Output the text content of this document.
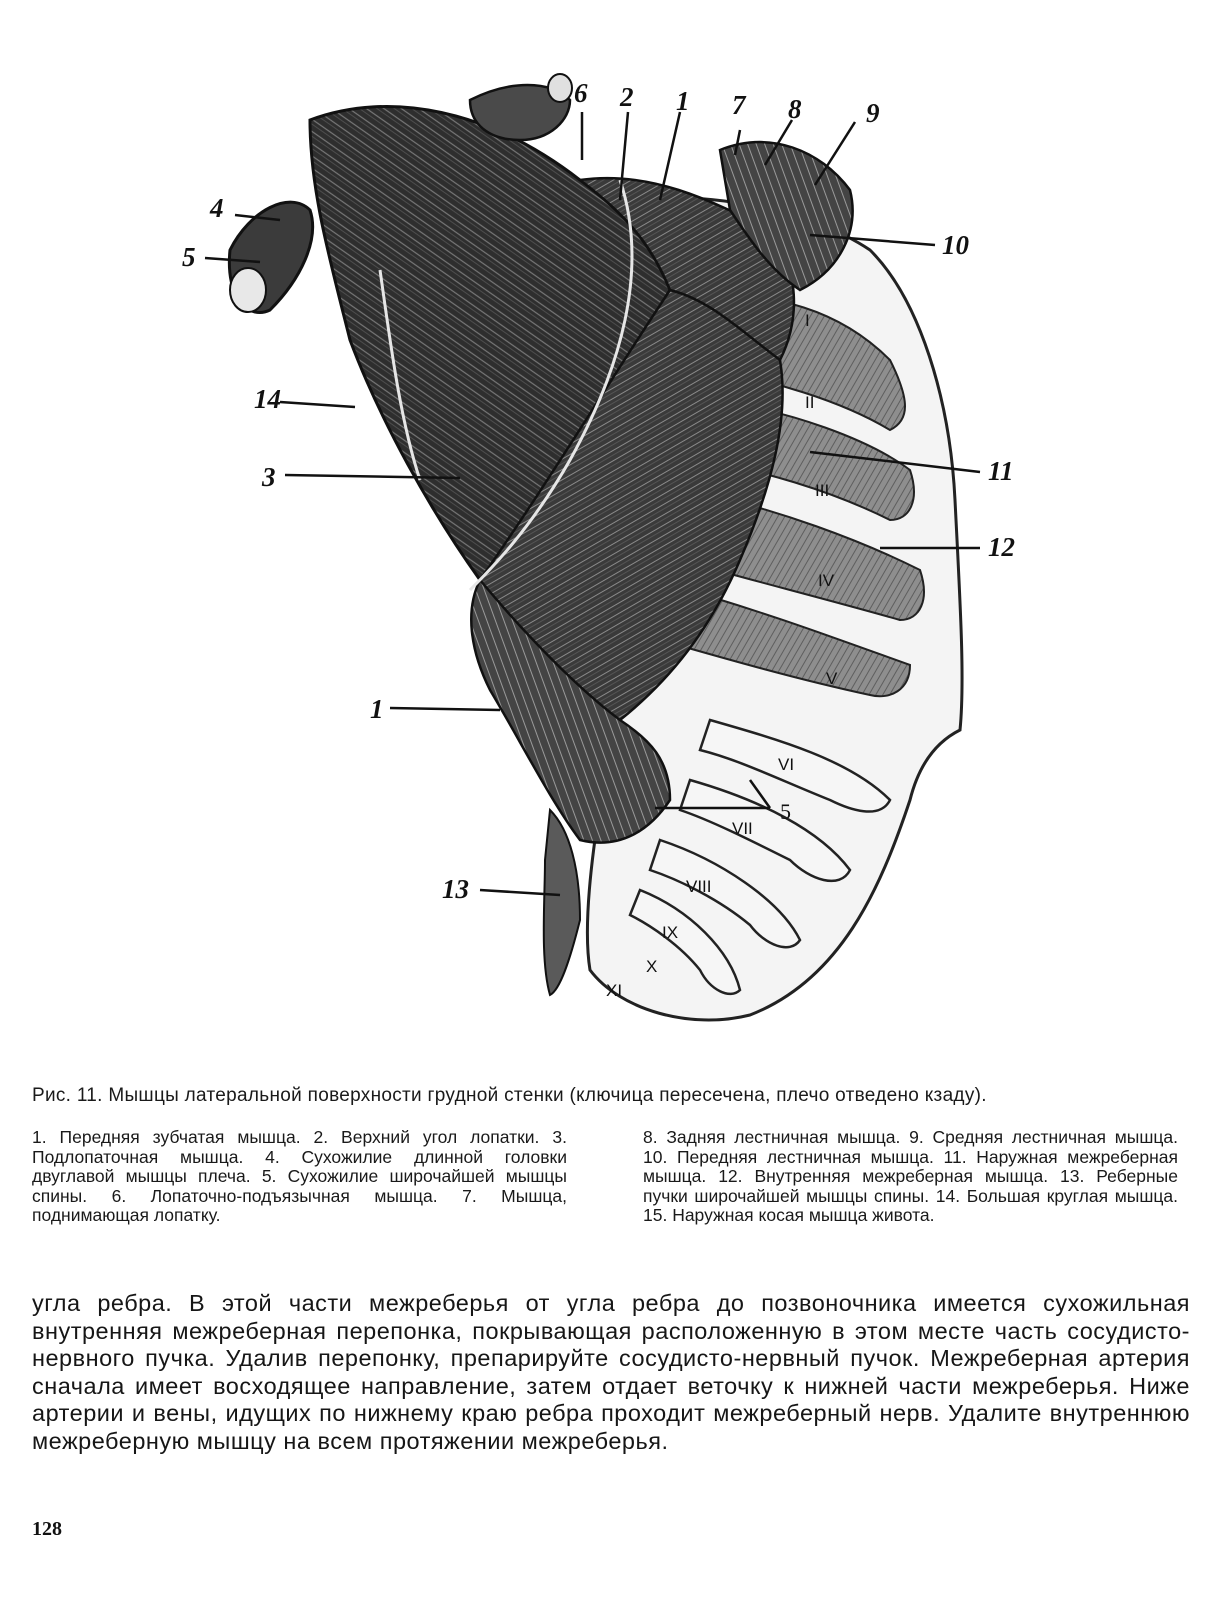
6 2 1 7 8 9
10
4
5
14
3	11
12
1
13
5
I
II
III
IV
V
VI
VII
VIII
IX
X
XI
Рис. 11. Мышцы латеральной поверхности грудной стенки (ключица пересечена, плечо отведено кзаду).
1. Передняя зубчатая мышца. 2. Верхний угол лопатки. 3. Подлопаточная мышца. 4. Сухожилие длинной головки двуглавой мышцы плеча. 5. Сухожилие широчайшей мышцы спины. 6. Лопаточно-подъязычная мышца. 7. Мышца, поднимающая лопатку.
8. Задняя лестничная мышца. 9. Средняя лестничная мышца. 10. Передняя лестничная мышца. 11. Наружная межреберная мышца. 12. Внутренняя межреберная мышца. 13. Реберные пучки широчайшей мышцы спины. 14. Большая круглая мышца. 15. Наружная косая мышца живота.
угла ребра. В этой части межреберья от угла ребра до позвоночника имеется сухожильная внутренняя межреберная перепонка, покрывающая расположенную в этом месте часть сосудисто-нервного пучка. Удалив перепонку, препарируйте сосудисто-нервный пучок. Межреберная артерия сначала имеет восходящее направление, затем отдает веточку к нижней части межреберья. Ниже артерии и вены, идущих по нижнему краю ребра проходит межреберный нерв. Удалите внутреннюю межреберную мышцу на всем протяжении межреберья.
128
